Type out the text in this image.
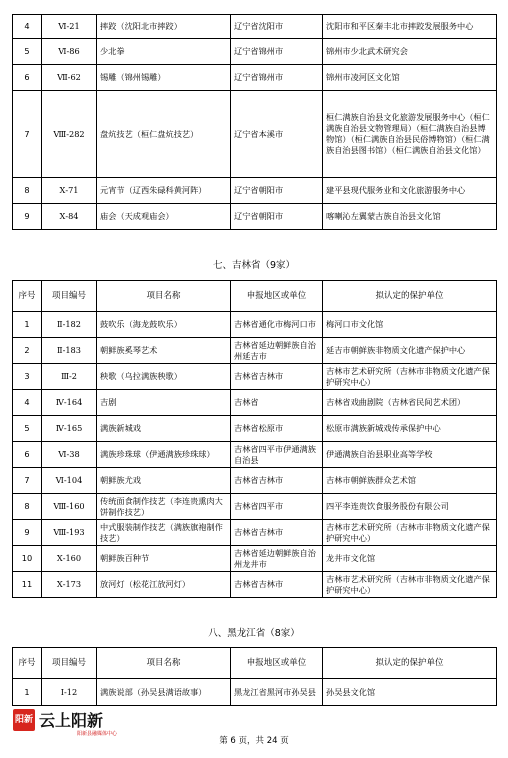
4	Ⅵ-21	摔跤（沈阳北市摔跤）	辽宁省沈阳市	沈阳市和平区秦丰北市摔跤发展服务中心
5	Ⅵ-86	少北拳	辽宁省锦州市	锦州市少北武术研究会
6	Ⅶ-62	锡雕（锦州锡雕）	辽宁省锦州市	锦州市凌河区文化馆
7	Ⅷ-282	盘炕技艺（桓仁盘炕技艺）	辽宁省本溪市	桓仁满族自治县文化旅游发展服务中心（桓仁满族自治县文物管理局）（桓仁满族自治县博物馆）（桓仁满族自治县民俗博物馆）（桓仁满族自治县图书馆）（桓仁满族自治县文化馆）
8	Ⅹ-71	元宵节（辽西朱碌科黄河阵）	辽宁省朝阳市	建平县现代服务业和文化旅游服务中心
9	Ⅹ-84	庙会（天成观庙会）	辽宁省朝阳市	喀喇沁左翼蒙古族自治县文化馆
七、吉林省（9家）
序号	项目编号	项目名称	申报地区或单位	拟认定的保护单位
1	Ⅱ-182	鼓吹乐（海龙鼓吹乐）	吉林省通化市梅河口市	梅河口市文化馆
2	Ⅱ-183	朝鲜族奚琴艺术	吉林省延边朝鲜族自治州延吉市	延吉市朝鲜族非物质文化遗产保护中心
3	Ⅲ-2	秧歌（乌拉满族秧歌）	吉林省吉林市	吉林市艺术研究所（吉林市非物质文化遗产保护研究中心）
4	Ⅳ-164	吉剧	吉林省	吉林省戏曲剧院（吉林省民间艺术团）
5	Ⅳ-165	满族新城戏	吉林省松原市	松原市满族新城戏传承保护中心
6	Ⅵ-38	满族珍珠球（伊通满族珍珠球）	吉林省四平市伊通满族自治县	伊通满族自治县职业高等学校
7	Ⅵ-104	朝鲜族尤戏	吉林省吉林市	吉林市朝鲜族群众艺术馆
8	Ⅷ-160	传统面食制作技艺（李连贵熏肉大饼制作技艺）	吉林省四平市	四平李连贵饮食服务股份有限公司
9	Ⅷ-193	中式服装制作技艺（满族旗袍制作技艺）	吉林省吉林市	吉林市艺术研究所（吉林市非物质文化遗产保护研究中心）
10	Ⅹ-160	朝鲜族百种节	吉林省延边朝鲜族自治州龙井市	龙井市文化馆
11	Ⅹ-173	放河灯（松花江放河灯）	吉林省吉林市	吉林市艺术研究所（吉林市非物质文化遗产保护研究中心）
八、黑龙江省（8家）
序号	项目编号	项目名称	申报地区或单位	拟认定的保护单位
1	Ⅰ-12	满族说部（孙吴县满语故事）	黑龙江省黑河市孙吴县	孙吴县文化馆
阳新 云上阳新
阳新县融媒体中心
第 6 页，共 24 页
